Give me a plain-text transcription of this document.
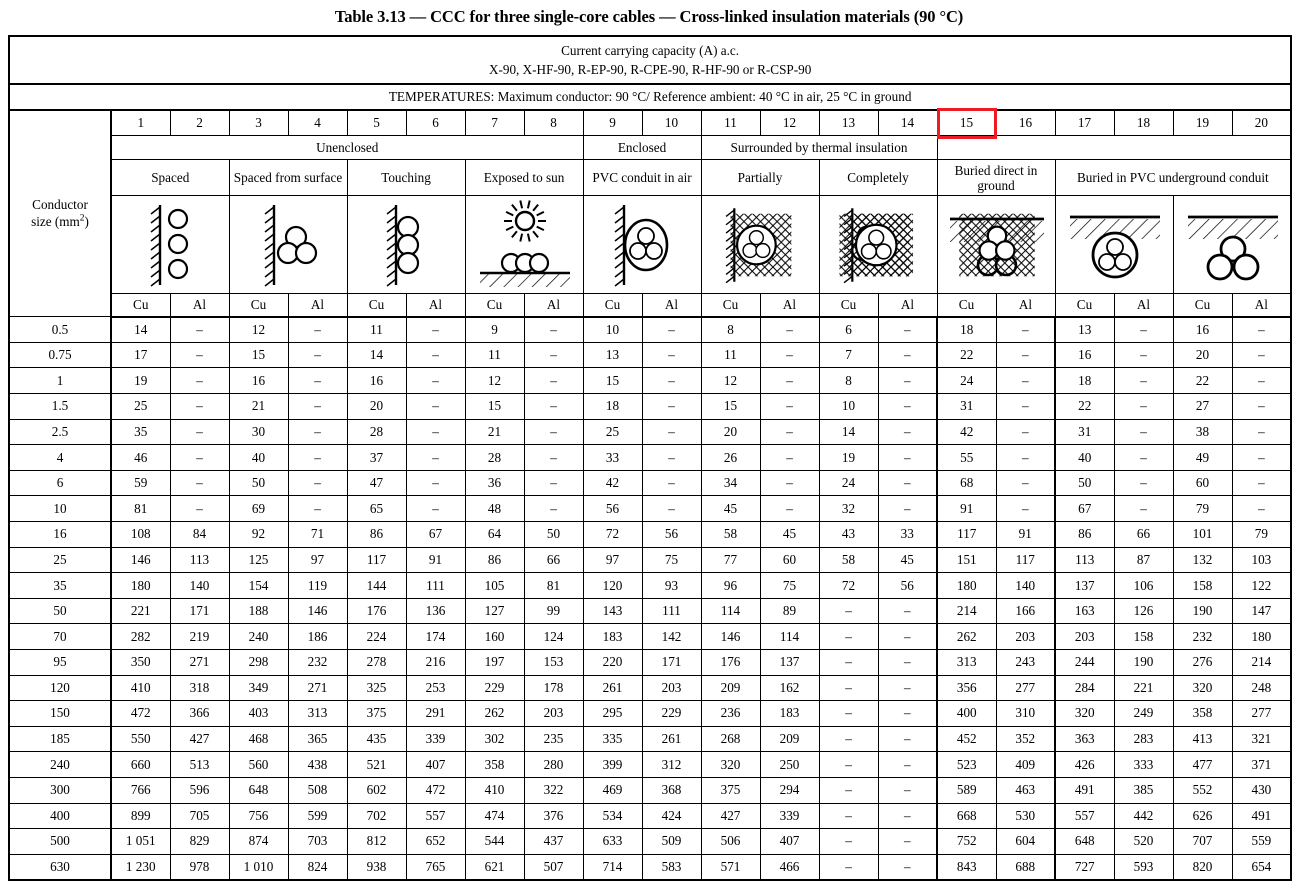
Table 3.13 — CCC for three single-core cables — Cross-linked insulation materials (90 °C)
Current carrying capacity (A) a.c.
X-90, X-HF-90, R-EP-90, R-CPE-90, R-HF-90 or R-CSP-90																				

TEMPERATURES: Maximum conductor: 90 °C/ Reference ambient: 40 °C in air, 25 °C in ground																				

Conductor
size $(mm^2)$	1	2	3	4	5	6	7	8	9	10	11	12	13	14	15	16	17	18	19	20
	Unenclosed								Enclosed		Surrounded by thermal insulation									
	Spaced		Spaced from surface		Touching		Exposed to sun		PVC conduit in air		Partially		Completely		Buried direct in ground		Buried in PVC underground conduit			

	Cu	Al	Cu	Al	Cu	Al	Cu	Al	Cu	Al	Cu	Al	Cu	Al	Cu	Al	Cu	Al	Cu	Al
0.5	14	–	12	–	11	–	9	–	10	–	8	–	6	–	18	–	13	–	16	–
0.75	17	–	15	–	14	–	11	–	13	–	11	–	7	–	22	–	16	–	20	–
1	19	–	16	–	16	–	12	–	15	–	12	–	8	–	24	–	18	–	22	–
1.5	25	–	21	–	20	–	15	–	18	–	15	–	10	–	31	–	22	–	27	–
2.5	35	–	30	–	28	–	21	–	25	–	20	–	14	–	42	–	31	–	38	–
4	46	–	40	–	37	–	28	–	33	–	26	–	19	–	55	–	40	–	49	–
6	59	–	50	–	47	–	36	–	42	–	34	–	24	–	68	–	50	–	60	–
10	81	–	69	–	65	–	48	–	56	–	45	–	32	–	91	–	67	–	79	–
16	108	84	92	71	86	67	64	50	72	56	58	45	43	33	117	91	86	66	101	79
25	146	113	125	97	117	91	86	66	97	75	77	60	58	45	151	117	113	87	132	103
35	180	140	154	119	144	111	105	81	120	93	96	75	72	56	180	140	137	106	158	122
50	221	171	188	146	176	136	127	99	143	111	114	89	–	–	214	166	163	126	190	147
70	282	219	240	186	224	174	160	124	183	142	146	114	–	–	262	203	203	158	232	180
95	350	271	298	232	278	216	197	153	220	171	176	137	–	–	313	243	244	190	276	214
120	410	318	349	271	325	253	229	178	261	203	209	162	–	–	356	277	284	221	320	248
150	472	366	403	313	375	291	262	203	295	229	236	183	–	–	400	310	320	249	358	277
185	550	427	468	365	435	339	302	235	335	261	268	209	–	–	452	352	363	283	413	321
240	660	513	560	438	521	407	358	280	399	312	320	250	–	–	523	409	426	333	477	371
300	766	596	648	508	602	472	410	322	469	368	375	294	–	–	589	463	491	385	552	430
400	899	705	756	599	702	557	474	376	534	424	427	339	–	–	668	530	557	442	626	491
500	1 051	829	874	703	812	652	544	437	633	509	506	407	–	–	752	604	648	520	707	559
630	1 230	978	1 010	824	938	765	621	507	714	583	571	466	–	–	843	688	727	593	820	654
